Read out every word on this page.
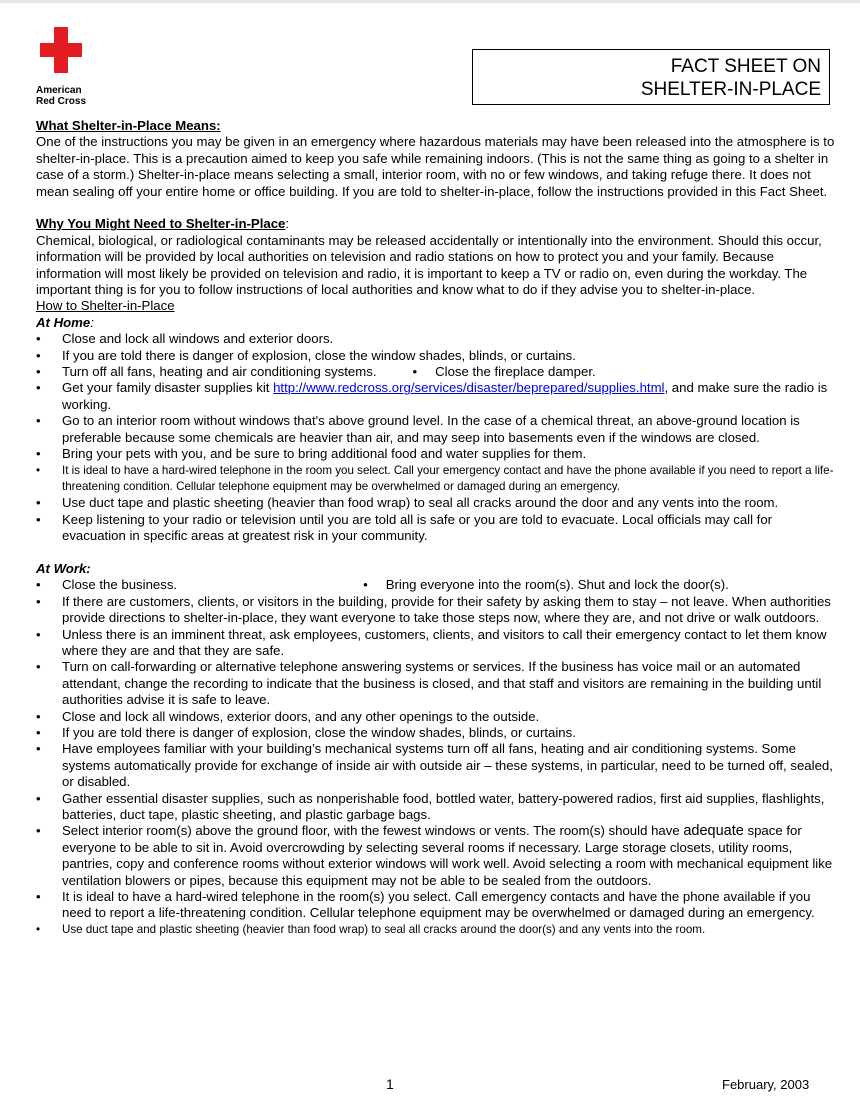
American
Red Cross
FACT SHEET ON
SHELTER-IN-PLACE

What Shelter-in-Place Means:

One of the instructions you may be given in an emergency where hazardous materials may have been released into the atmosphere is to shelter-in-place. This is a precaution aimed to keep you safe while remaining indoors. (This is not the same thing as going to a shelter in case of a storm.) Shelter-in-place means selecting a small, interior room, with no or few windows, and taking refuge there. It does not mean sealing off your entire home or office building. If you are told to shelter-in-place, follow the instructions provided in this Fact Sheet.

Why You Might Need to Shelter-in-Place:

Chemical, biological, or radiological contaminants may be released accidentally or intentionally into the environment. Should this occur, information will be provided by local authorities on television and radio stations on how to protect you and your family. Because information will most likely be provided on television and radio, it is important to keep a TV or radio on, even during the workday. The important thing is for you to follow instructions of local authorities and know what to do if they advise you to shelter-in-place.

How to Shelter-in-Place

At Home:

• Close and lock all windows and exterior doors.
• If you are told there is danger of explosion, close the window shades, blinds, or curtains.
• Turn off all fans, heating and air conditioning systems.	• Close the fireplace damper.
• Get your family disaster supplies kit http://www.redcross.org/services/disaster/beprepared/supplies.html, and make sure the radio is working.
• Go to an interior room without windows that's above ground level. In the case of a chemical threat, an above-ground location is preferable because some chemicals are heavier than air, and may seep into basements even if the windows are closed.
• Bring your pets with you, and be sure to bring additional food and water supplies for them.
• It is ideal to have a hard-wired telephone in the room you select. Call your emergency contact and have the phone available if you need to report a life-threatening condition. Cellular telephone equipment may be overwhelmed or damaged during an emergency.
• Use duct tape and plastic sheeting (heavier than food wrap) to seal all cracks around the door and any vents into the room.
• Keep listening to your radio or television until you are told all is safe or you are told to evacuate. Local officials may call for evacuation in specific areas at greatest risk in your community.

At Work:

• Close the business.	• Bring everyone into the room(s). Shut and lock the door(s).
• If there are customers, clients, or visitors in the building, provide for their safety by asking them to stay – not leave. When authorities provide directions to shelter-in-place, they want everyone to take those steps now, where they are, and not drive or walk outdoors.
• Unless there is an imminent threat, ask employees, customers, clients, and visitors to call their emergency contact to let them know where they are and that they are safe.
• Turn on call-forwarding or alternative telephone answering systems or services. If the business has voice mail or an automated attendant, change the recording to indicate that the business is closed, and that staff and visitors are remaining in the building until authorities advise it is safe to leave.
• Close and lock all windows, exterior doors, and any other openings to the outside.
• If you are told there is danger of explosion, close the window shades, blinds, or curtains.
• Have employees familiar with your building’s mechanical systems turn off all fans, heating and air conditioning systems. Some systems automatically provide for exchange of inside air with outside air – these systems, in particular, need to be turned off, sealed, or disabled.
• Gather essential disaster supplies, such as nonperishable food, bottled water, battery-powered radios, first aid supplies, flashlights, batteries, duct tape, plastic sheeting, and plastic garbage bags.
• Select interior room(s) above the ground floor, with the fewest windows or vents. The room(s) should have adequate space for everyone to be able to sit in. Avoid overcrowding by selecting several rooms if necessary. Large storage closets, utility rooms, pantries, copy and conference rooms without exterior windows will work well. Avoid selecting a room with mechanical equipment like ventilation blowers or pipes, because this equipment may not be able to be sealed from the outdoors.
• It is ideal to have a hard-wired telephone in the room(s) you select. Call emergency contacts and have the phone available if you need to report a life-threatening condition. Cellular telephone equipment may be overwhelmed or damaged during an emergency.
• Use duct tape and plastic sheeting (heavier than food wrap) to seal all cracks around the door(s) and any vents into the room.
1	February, 2003
